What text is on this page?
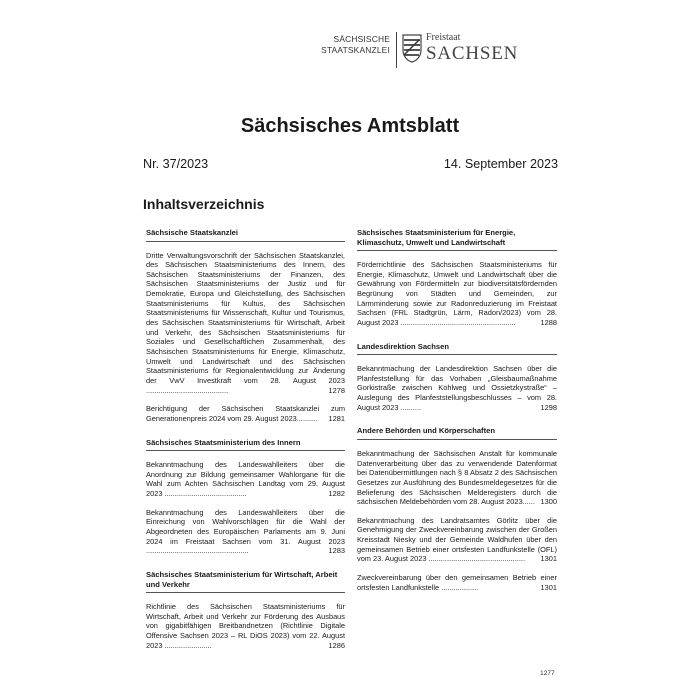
SÄCHSISCHE
STAATSKANZLEI
Freistaat
SACHSEN
Sächsisches Amtsblatt
Nr. 37/2023	14. September 2023
Inhaltsverzeichnis
Sächsische Staatskanzlei
Dritte Verwaltungsvorschrift der Sächsischen Staatskanzlei, des Sächsischen Staatsministeriums des Innern, des Sächsischen Staatsministeriums der Finanzen, des Sächsischen Staatsministeriums der Justiz und für Demokratie, Europa und Gleichstellung, des Sächsischen Staatsministeriums für Kultus, des Sächsischen Staatsministeriums für Wissenschaft, Kultur und Tourismus, des Sächsischen Staatsministeriums für Wirtschaft, Arbeit und Verkehr, des Sächsischen Staatsministeriums für Soziales und Gesellschaftlichen Zusammenhalt, des Sächsischen Staatsministeriums für Energie, Klimaschutz, Umwelt und Landwirtschaft und des Sächsischen Staatsministeriums für Regionalentwicklung zur Änderung der VwV Investkraft vom 28. August 2023 ........................................	1278
Berichtigung der Sächsischen Staatskanzlei zum Generationenpreis 2024 vom 29. August 2023.......... 1281
Sächsisches Staatsministerium des Innern
Bekanntmachung des Landeswahlleiters über die Anordnung zur Bildung gemeinsamer Wahlorgane für die Wahl zum Achten Sächsischen Landtag vom 29. August 2023 ........................................	1282
Bekanntmachung des Landeswahlleiters über die Einreichung von Wahlvorschlägen für die Wahl der Abgeordneten des Europäischen Parlaments am 9. Juni 2024 im Freistaat Sachsen vom 31. August 2023 ..................................................	1283
Sächsisches Staatsministerium für Wirtschaft, Arbeit und Verkehr
Richtlinie des Sächsischen Staatsministeriums für Wirtschaft, Arbeit und Verkehr zur Förderung des Ausbaus von gigabitfähigen Breitbandnetzen (Richtlinie Digitale Offensive Sachsen 2023 – RL DiOS 2023) vom 22. August 2023 .......................	1286
Sächsisches Staatsministerium für Energie, Klimaschutz, Umwelt und Landwirtschaft
Förderrichtlinie des Sächsischen Staatsministeriums für Energie, Klimaschutz, Umwelt und Landwirtschaft über die Gewährung von Fördermitteln zur biodiversitätsfördernden Begrünung von Städten und Gemeinden, zur Lärmminderung sowie zur Radonreduzierung im Freistaat Sachsen (FRL Stadtgrün, Lärm, Radon/2023) vom 28. August 2023 ........................................................	1288
Landesdirektion Sachsen
Bekanntmachung der Landesdirektion Sachsen über die Planfeststellung für das Vorhaben „Gleisbaumaßnahme Gorkistraße zwischen Kohlweg und Ossietzkystraße“ – Auslegung des Planfeststellungsbeschlusses – vom 28. August 2023 ..........	1298
Andere Behörden und Körperschaften
Bekanntmachung der Sächsischen Anstalt für kommunale Datenverarbeitung über das zu verwendende Datenformat bei Datenübermittlungen nach § 8 Absatz 2 des Sächsischen Gesetzes zur Ausführung des Bundesmeldegesetzes für die Belieferung des Sächsischen Melderegisters durch die sächsischen Meldebehörden vom 28. August 2023...... 1300
Bekanntmachung des Landratsamtes Görlitz über die Genehmigung der Zweckvereinbarung zwischen der Großen Kreisstadt Niesky und der Gemeinde Waldhufen über den gemeinsamen Betrieb einer ortsfesten Landfunkstelle (OFL) vom 23. August 2023 ............................................... 1301
Zweckvereinbarung über den gemeinsamen Betrieb einer ortsfesten Landfunkstelle ..................	1301
1277
